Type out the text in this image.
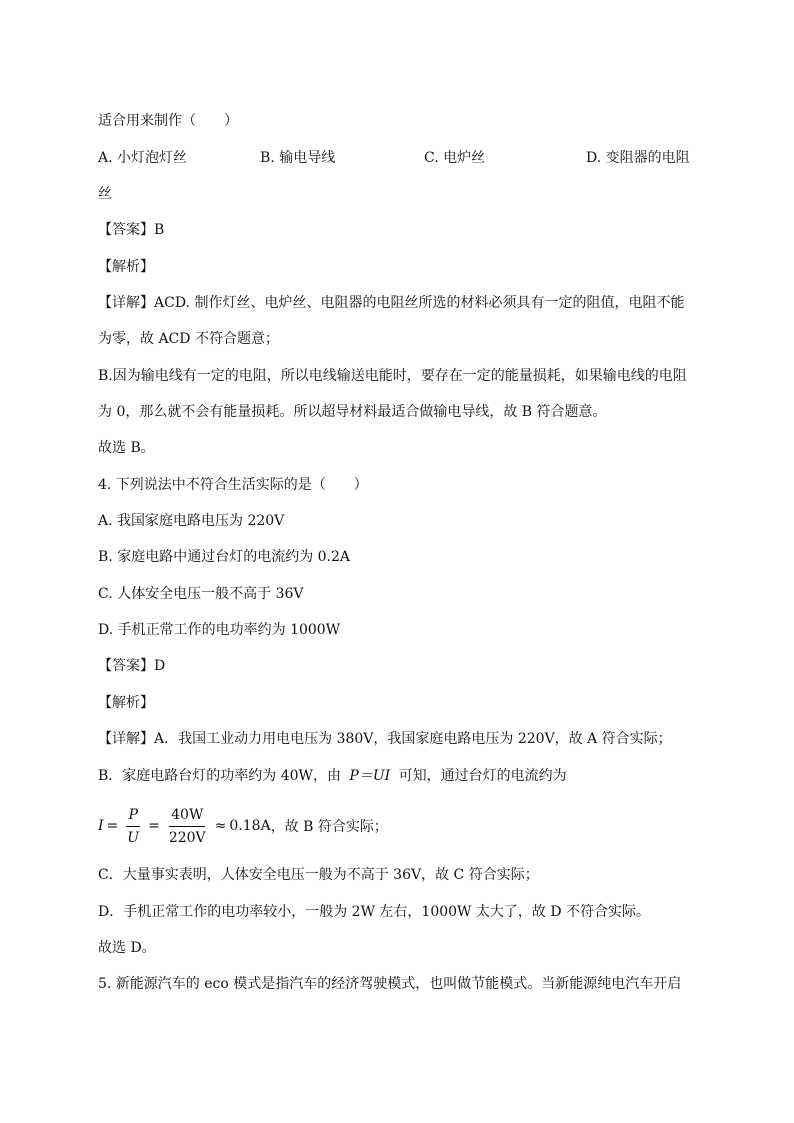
适合用来制作（　　）
A. 小灯泡灯丝	B. 输电导线	C. 电炉丝	D. 变阻器的电阻
丝
【答案】B
【解析】
【详解】ACD. 制作灯丝、电炉丝、电阻器的电阻丝所选的材料必须具有一定的阻值，电阻不能
为零，故 ACD 不符合题意；
B.因为输电线有一定的电阻，所以电线输送电能时，要存在一定的能量损耗，如果输电线的电阻
为 0，那么就不会有能量损耗。所以超导材料最适合做输电导线，故 B 符合题意。
故选 B。
4. 下列说法中不符合生活实际的是（　　）
A. 我国家庭电路电压为 220V
B. 家庭电路中通过台灯的电流约为 0.2A
C. 人体安全电压一般不高于 36V
D. 手机正常工作的电功率约为 1000W
【答案】D
【解析】
【详解】A．我国工业动力用电电压为 380V，我国家庭电路电压为 220V，故 A 符合实际；
B．家庭电路台灯的功率约为 40W，由 P＝UI 可知，通过台灯的电流约为
$I = \frac{P}{U} = \frac{40W}{220V} \approx 0.18A$ ，故 B 符合实际；
C．大量事实表明，人体安全电压一般为不高于 36V，故 C 符合实际；
D．手机正常工作的电功率较小，一般为 2W 左右，1000W 太大了，故 D 不符合实际。
故选 D。
5. 新能源汽车的 eco 模式是指汽车的经济驾驶模式，也叫做节能模式。当新能源纯电汽车开启
